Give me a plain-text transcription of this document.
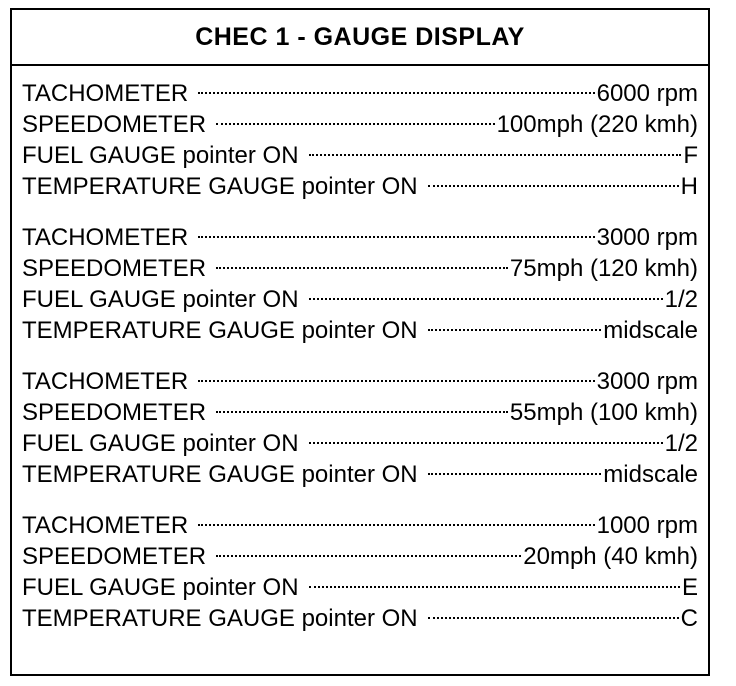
CHEC 1 - GAUGE DISPLAY
TACHOMETER	6000 rpm
SPEEDOMETER	100mph (220 kmh)
FUEL GAUGE pointer ON	F
TEMPERATURE GAUGE pointer ON	H
TACHOMETER	3000 rpm
SPEEDOMETER	75mph (120 kmh)
FUEL GAUGE pointer ON	1/2
TEMPERATURE GAUGE pointer ON	midscale
TACHOMETER	3000 rpm
SPEEDOMETER	55mph (100 kmh)
FUEL GAUGE pointer ON	1/2
TEMPERATURE GAUGE pointer ON	midscale
TACHOMETER	1000 rpm
SPEEDOMETER	20mph (40 kmh)
FUEL GAUGE pointer ON	E
TEMPERATURE GAUGE pointer ON	C
